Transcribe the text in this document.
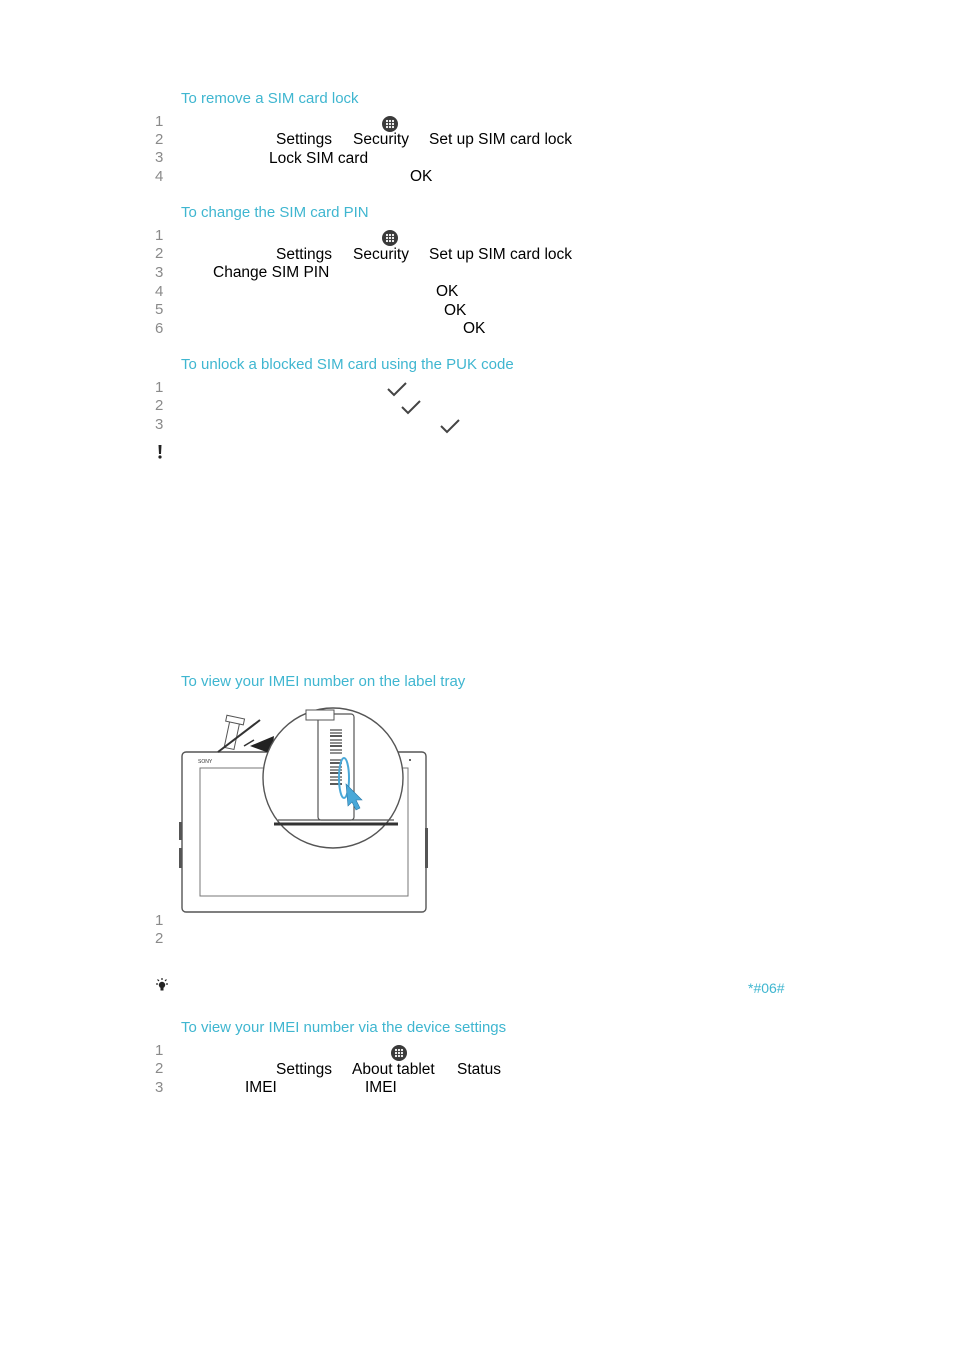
To remove a SIM card lock
1
2	Settings Security Set up SIM card lock
3	Lock SIM card
4	OK
To change the SIM card PIN
1
2	Settings Security Set up SIM card lock
3	Change SIM PIN
4	OK
5	OK
6	OK
To unlock a blocked SIM card using the PUK code
1
2
3
To view your IMEI number on the label tray
SONY
1
2
*#06#
To view your IMEI number via the device settings
1
2	Settings About tablet Status
3	IMEI	IMEI
